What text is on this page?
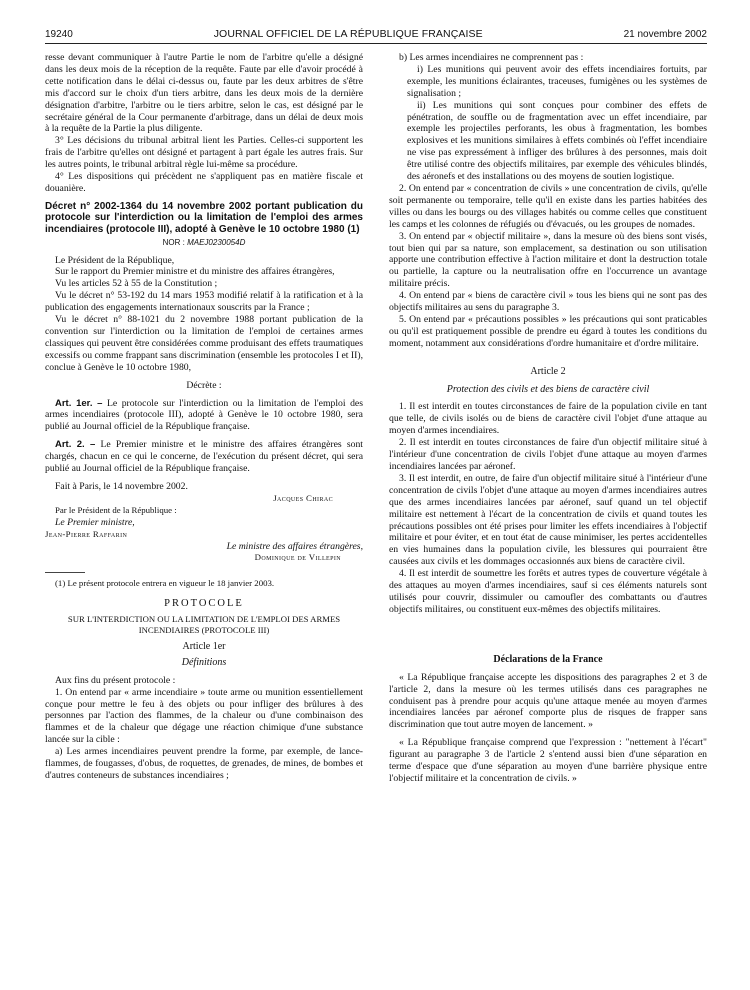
19240	JOURNAL OFFICIEL DE LA RÉPUBLIQUE FRANÇAISE	21 novembre 2002

resse devant communiquer à l'autre Partie le nom de l'arbitre qu'elle a désigné dans les deux mois de la réception de la requête. Faute par elle d'avoir procédé à cette notification dans le délai ci-dessus ou, faute par les deux arbitres de s'être mis d'accord sur le choix d'un tiers arbitre, dans les deux mois de la dernière désignation d'arbitre, l'arbitre ou le tiers arbitre, selon le cas, est désigné par le secrétaire général de la Cour permanente d'arbitrage, dans un délai de deux mois à la requête de la Partie la plus diligente.

3° Les décisions du tribunal arbitral lient les Parties. Celles-ci supportent les frais de l'arbitre qu'elles ont désigné et partagent à part égale les autres frais. Sur les autres points, le tribunal arbitral règle lui-même sa procédure.

4° Les dispositions qui précèdent ne s'appliquent pas en matière fiscale et douanière.

Décret n° 2002-1364 du 14 novembre 2002 portant publication du protocole sur l'interdiction ou la limitation de l'emploi des armes incendiaires (protocole III), adopté à Genève le 10 octobre 1980 (1)
NOR : MAEJ0230054D

Le Président de la République,

Sur le rapport du Premier ministre et du ministre des affaires étrangères,

Vu les articles 52 à 55 de la Constitution ;

Vu le décret n° 53-192 du 14 mars 1953 modifié relatif à la ratification et à la publication des engagements internationaux souscrits par la France ;

Vu le décret n° 88-1021 du 2 novembre 1988 portant publication de la convention sur l'interdiction ou la limitation de l'emploi de certaines armes classiques qui peuvent être considérées comme produisant des effets traumatiques excessifs ou comme frappant sans discrimination (ensemble les protocoles I et II), conclue à Genève le 10 octobre 1980,

Décrète :

Art. 1er. – Le protocole sur l'interdiction ou la limitation de l'emploi des armes incendiaires (protocole III), adopté à Genève le 10 octobre 1980, sera publié au Journal officiel de la République française.

Art. 2. – Le Premier ministre et le ministre des affaires étrangères sont chargés, chacun en ce qui le concerne, de l'exécution du présent décret, qui sera publié au Journal officiel de la République française.

Fait à Paris, le 14 novembre 2002.

Jacques Chirac

Par le Président de la République :

Le Premier ministre,

Jean-Pierre Raffarin

Le ministre des affaires étrangères,

Dominique de Villepin

(1) Le présent protocole entrera en vigueur le 18 janvier 2003.

PROTOCOLE
SUR L'INTERDICTION OU LA LIMITATION DE L'EMPLOI DES ARMES INCENDIAIRES (PROTOCOLE III)
Article 1er
Définitions

Aux fins du présent protocole :

1. On entend par « arme incendiaire » toute arme ou munition essentiellement conçue pour mettre le feu à des objets ou pour infliger des brûlures à des personnes par l'action des flammes, de la chaleur ou d'une combinaison des flammes et de la chaleur que dégage une réaction chimique d'une substance lancée sur la cible :

a) Les armes incendiaires peuvent prendre la forme, par exemple, de lance-flammes, de fougasses, d'obus, de roquettes, de grenades, de mines, de bombes et d'autres conteneurs de substances incendiaires ;

b) Les armes incendiaires ne comprennent pas :

i) Les munitions qui peuvent avoir des effets incendiaires fortuits, par exemple, les munitions éclairantes, traceuses, fumigènes ou les systèmes de signalisation ;

ii) Les munitions qui sont conçues pour combiner des effets de pénétration, de souffle ou de fragmentation avec un effet incendiaire, par exemple les projectiles perforants, les obus à fragmentation, les bombes explosives et les munitions similaires à effets combinés où l'effet incendiaire ne vise pas expressément à infliger des brûlures à des personnes, mais doit être utilisé contre des objectifs militaires, par exemple des véhicules blindés, des aéronefs et des installations ou des moyens de soutien logistique.

2. On entend par « concentration de civils » une concentration de civils, qu'elle soit permanente ou temporaire, telle qu'il en existe dans les parties habitées des villes ou dans les bourgs ou des villages habités ou comme celles que constituent les camps et les colonnes de réfugiés ou d'évacués, ou les groupes de nomades.

3. On entend par « objectif militaire », dans la mesure où des biens sont visés, tout bien qui par sa nature, son emplacement, sa destination ou son utilisation apporte une contribution effective à l'action militaire et dont la destruction totale ou partielle, la capture ou la neutralisation offre en l'occurrence un avantage militaire précis.

4. On entend par « biens de caractère civil » tous les biens qui ne sont pas des objectifs militaires au sens du paragraphe 3.

5. On entend par « précautions possibles » les précautions qui sont praticables ou qu'il est pratiquement possible de prendre eu égard à toutes les conditions du moment, notamment aux considérations d'ordre humanitaire et d'ordre militaire.

Article 2
Protection des civils et des biens de caractère civil

1. Il est interdit en toutes circonstances de faire de la population civile en tant que telle, de civils isolés ou de biens de caractère civil l'objet d'une attaque au moyen d'armes incendiaires.

2. Il est interdit en toutes circonstances de faire d'un objectif militaire situé à l'intérieur d'une concentration de civils l'objet d'une attaque au moyen d'armes incendiaires lancées par aéronef.

3. Il est interdit, en outre, de faire d'un objectif militaire situé à l'intérieur d'une concentration de civils l'objet d'une attaque au moyen d'armes incendiaires autres que des armes incendiaires lancées par aéronef, sauf quand un tel objectif militaire est nettement à l'écart de la concentration de civils et quand toutes les précautions possibles ont été prises pour limiter les effets incendiaires à l'objectif militaire et pour éviter, et en tout état de cause minimiser, les pertes accidentelles en vies humaines dans la population civile, les blessures qui pourraient être causées aux civils et les dommages occasionnés aux biens de caractère civil.

4. Il est interdit de soumettre les forêts et autres types de couverture végétale à des attaques au moyen d'armes incendiaires, sauf si ces éléments naturels sont utilisés pour couvrir, dissimuler ou camoufler des combattants ou d'autres objectifs militaires, ou constituent eux-mêmes des objectifs militaires.

Déclarations de la France

« La République française accepte les dispositions des paragraphes 2 et 3 de l'article 2, dans la mesure où les termes utilisés dans ces paragraphes ne conduisent pas à prendre pour acquis qu'une attaque menée au moyen d'armes incendiaires lancées par aéronef comporte plus de risques de frapper sans discrimination que tout autre moyen de lancement. »

« La République française comprend que l'expression : "nettement à l'écart" figurant au paragraphe 3 de l'article 2 s'entend aussi bien d'une séparation en terme d'espace que d'une séparation au moyen d'une barrière physique entre l'objectif militaire et la concentration de civils. »
